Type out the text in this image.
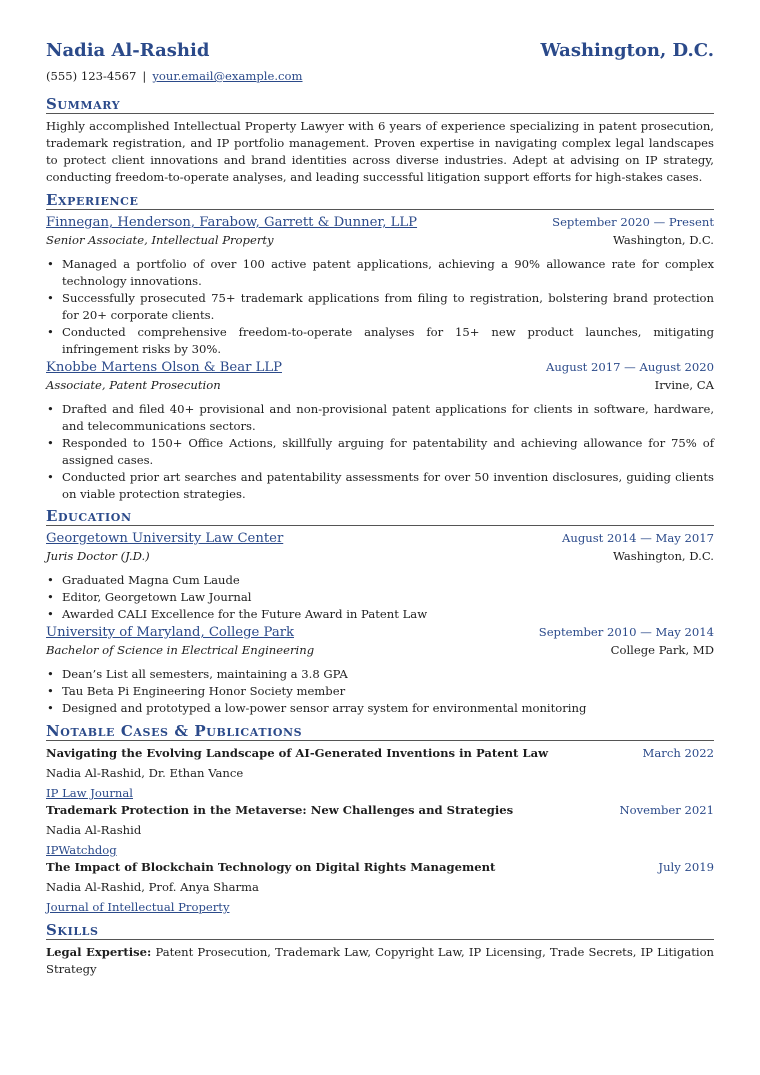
Nadia Al-Rashid	Washington, D.C.
(555) 123-4567 | your.email@example.com
Summary
Highly accomplished Intellectual Property Lawyer with 6 years of experience specializing in patent prosecution, trademark registration, and IP portfolio management. Proven expertise in navigating complex legal landscapes to protect client innovations and brand identities across diverse industries. Adept at advising on IP strategy, conducting freedom-to-operate analyses, and leading successful litigation support efforts for high-stakes cases.
Experience
Finnegan, Henderson, Farabow, Garrett & Dunner, LLP	September 2020 — Present
Senior Associate, Intellectual Property	Washington, D.C.
• Managed a portfolio of over 100 active patent applications, achieving a 90% allowance rate for complex technology innovations.
• Successfully prosecuted 75+ trademark applications from filing to registration, bolstering brand protection for 20+ corporate clients.
• Conducted comprehensive freedom-to-operate analyses for 15+ new product launches, mitigating infringement risks by 30%.
Knobbe Martens Olson & Bear LLP	August 2017 — August 2020
Associate, Patent Prosecution	Irvine, CA
• Drafted and filed 40+ provisional and non-provisional patent applications for clients in software, hardware, and telecommunications sectors.
• Responded to 150+ Office Actions, skillfully arguing for patentability and achieving allowance for 75% of assigned cases.
• Conducted prior art searches and patentability assessments for over 50 invention disclosures, guiding clients on viable protection strategies.
Education
Georgetown University Law Center	August 2014 — May 2017
Juris Doctor (J.D.)	Washington, D.C.
• Graduated Magna Cum Laude
• Editor, Georgetown Law Journal
• Awarded CALI Excellence for the Future Award in Patent Law
University of Maryland, College Park	September 2010 — May 2014
Bachelor of Science in Electrical Engineering	College Park, MD
• Dean’s List all semesters, maintaining a 3.8 GPA
• Tau Beta Pi Engineering Honor Society member
• Designed and prototyped a low-power sensor array system for environmental monitoring
Notable Cases & Publications
Navigating the Evolving Landscape of AI-Generated Inventions in Patent Law	March 2022
Nadia Al-Rashid, Dr. Ethan Vance
IP Law Journal
Trademark Protection in the Metaverse: New Challenges and Strategies	November 2021
Nadia Al-Rashid
IPWatchdog
The Impact of Blockchain Technology on Digital Rights Management	July 2019
Nadia Al-Rashid, Prof. Anya Sharma
Journal of Intellectual Property
Skills
Legal Expertise: Patent Prosecution, Trademark Law, Copyright Law, IP Licensing, Trade Secrets, IP Litigation Strategy
